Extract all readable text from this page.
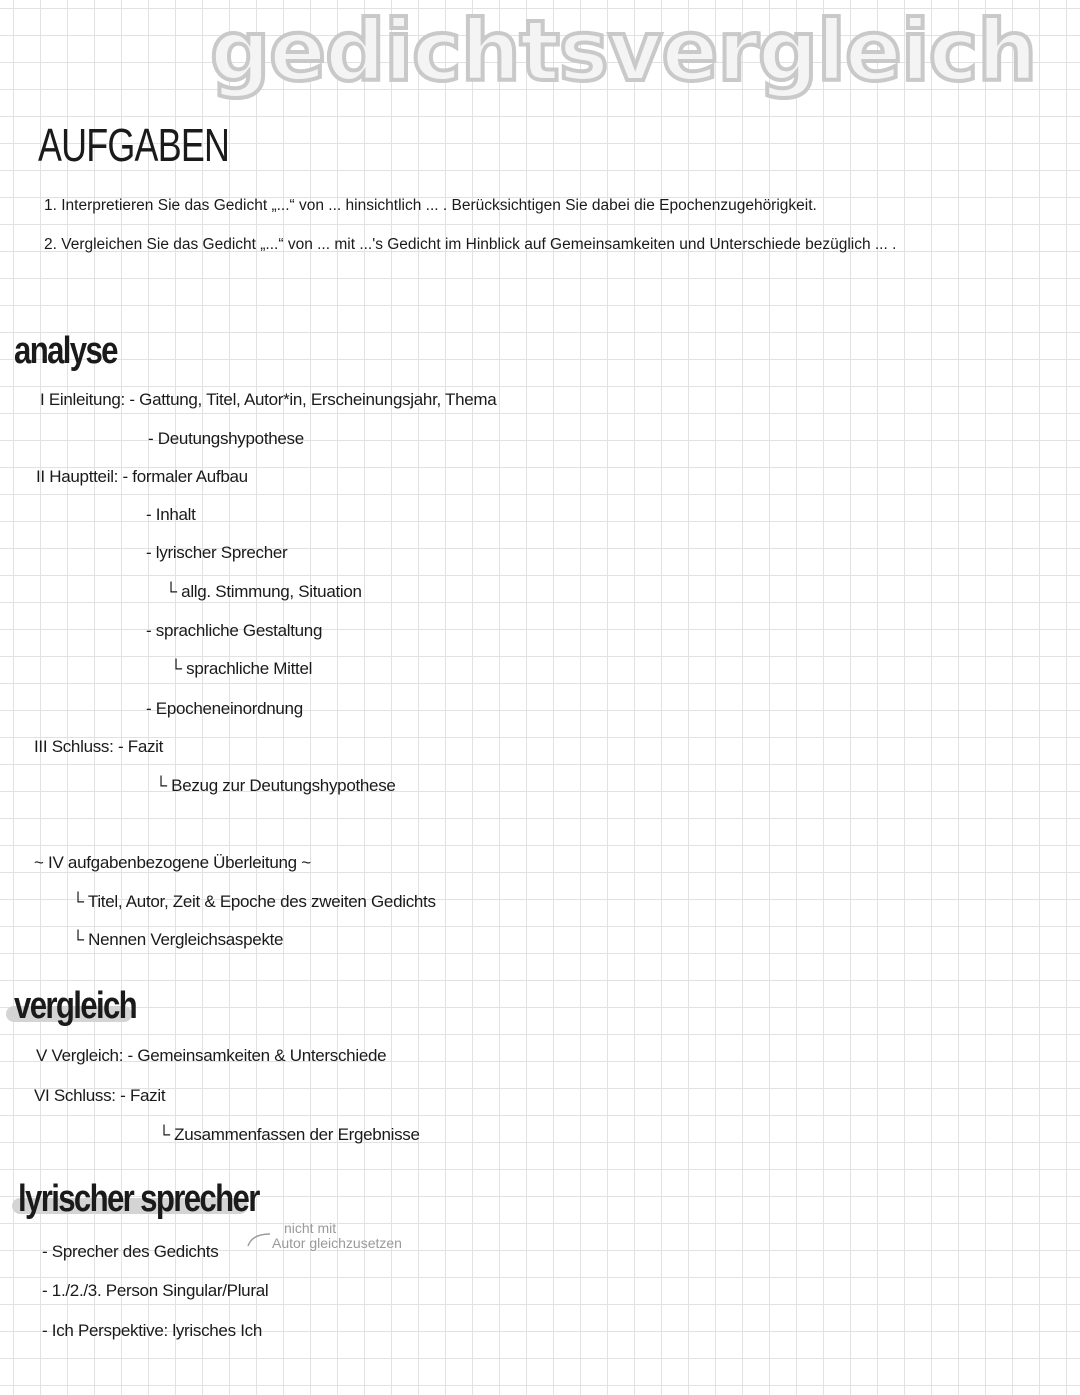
gedichtsvergleich
AUFGABEN
1. Interpretieren Sie das Gedicht „...“ von ... hinsichtlich ... . Berücksichtigen Sie dabei die Epochenzugehörigkeit.
2. Vergleichen Sie das Gedicht „...“ von ... mit ...'s Gedicht im Hinblick auf Gemeinsamkeiten und Unterschiede bezüglich ... .
analyse
I Einleitung: - Gattung, Titel, Autor*in, Erscheinungsjahr, Thema
- Deutungshypothese
II Hauptteil: - formaler Aufbau
- Inhalt
- lyrischer Sprecher
└ allg. Stimmung, Situation
- sprachliche Gestaltung
└ sprachliche Mittel
- Epocheneinordnung
III Schluss: - Fazit
└ Bezug zur Deutungshypothese
~ IV aufgabenbezogene Überleitung ~
└ Titel, Autor, Zeit & Epoche des zweiten Gedichts
└ Nennen Vergleichsaspekte
vergleich
V Vergleich: - Gemeinsamkeiten & Unterschiede
VI Schluss: - Fazit
└ Zusammenfassen der Ergebnisse
lyrischer sprecher
- Sprecher des Gedichts
- 1./2./3. Person Singular/Plural
- Ich Perspektive: lyrisches Ich
nicht mit
Autor gleichzusetzen
